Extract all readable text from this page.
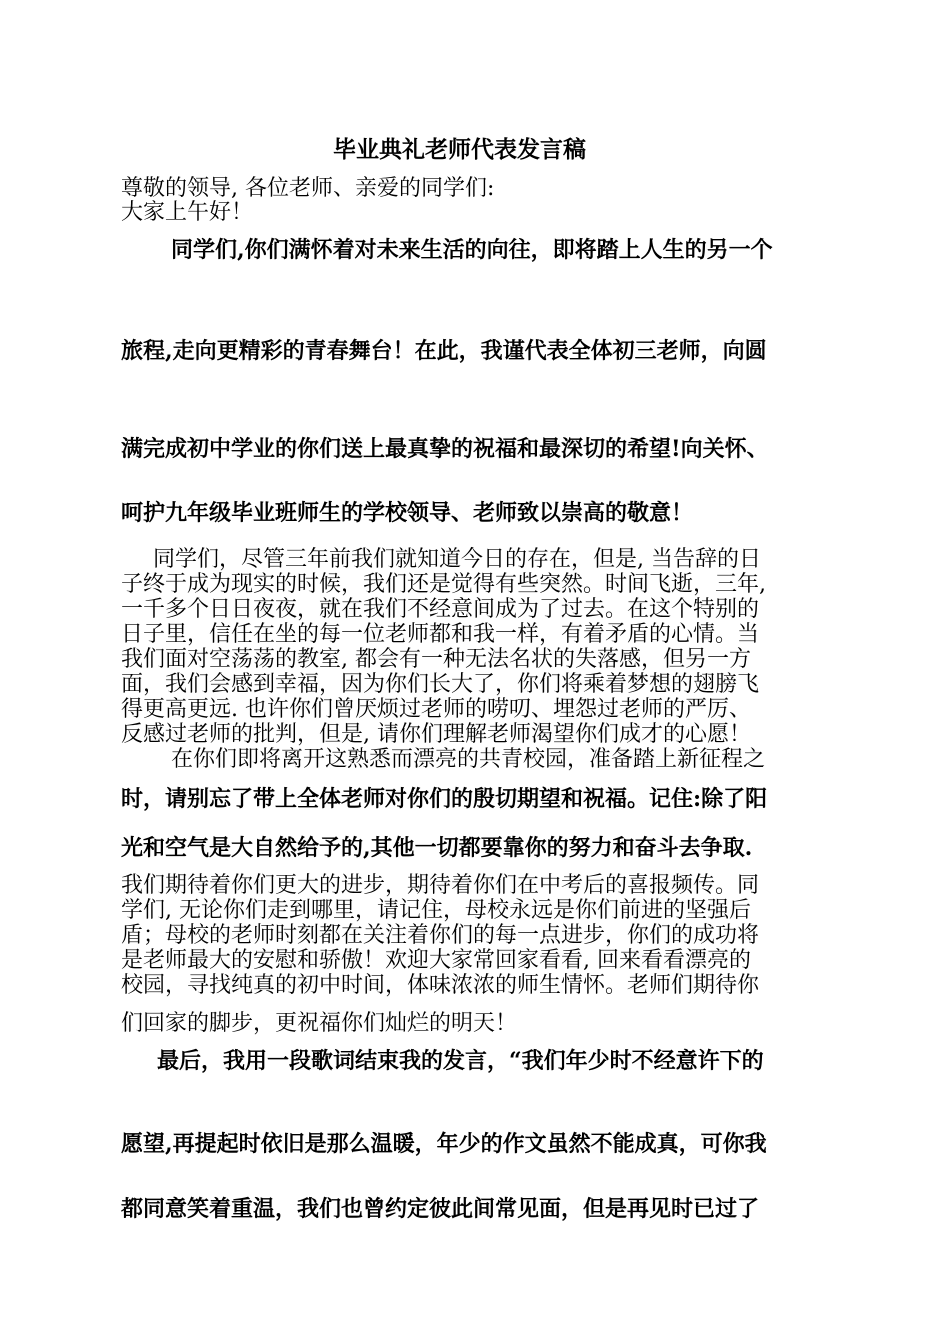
毕业典礼老师代表发言稿
尊敬的领导, 各位老师、亲爱的同学们:
大家上午好！
同学们,你们满怀着对未来生活的向往，即将踏上人生的另一个
旅程,走向更精彩的青春舞台！在此，我谨代表全体初三老师，向圆
满完成初中学业的你们送上最真挚的祝福和最深切的希望!向关怀、
呵护九年级毕业班师生的学校领导、老师致以崇高的敬意！
同学们，尽管三年前我们就知道今日的存在，但是, 当告辞的日
子终于成为现实的时候，我们还是觉得有些突然。时间飞逝，三年,
一千多个日日夜夜，就在我们不经意间成为了过去。在这个特别的
日子里，信任在坐的每一位老师都和我一样，有着矛盾的心情。当
我们面对空荡荡的教室, 都会有一种无法名状的失落感，但另一方
面，我们会感到幸福，因为你们长大了，你们将乘着梦想的翅膀飞
得更高更远. 也许你们曾厌烦过老师的唠叨、埋怨过老师的严厉、
反感过老师的批判，但是, 请你们理解老师渴望你们成才的心愿！
在你们即将离开这熟悉而漂亮的共青校园，准备踏上新征程之
时，请别忘了带上全体老师对你们的殷切期望和祝福。记住:除了阳
光和空气是大自然给予的,其他一切都要靠你的努力和奋斗去争取.
我们期待着你们更大的进步，期待着你们在中考后的喜报频传。同
学们, 无论你们走到哪里，请记住，母校永远是你们前进的坚强后
盾；母校的老师时刻都在关注着你们的每一点进步，你们的成功将
是老师最大的安慰和骄傲！欢迎大家常回家看看, 回来看看漂亮的
校园，寻找纯真的初中时间，体味浓浓的师生情怀。老师们期待你
们回家的脚步，更祝福你们灿烂的明天！
最后，我用一段歌词结束我的发言，“我们年少时不经意许下的
愿望,再提起时依旧是那么温暖，年少的作文虽然不能成真，可你我
都同意笑着重温，我们也曾约定彼此间常见面，但是再见时已过了
